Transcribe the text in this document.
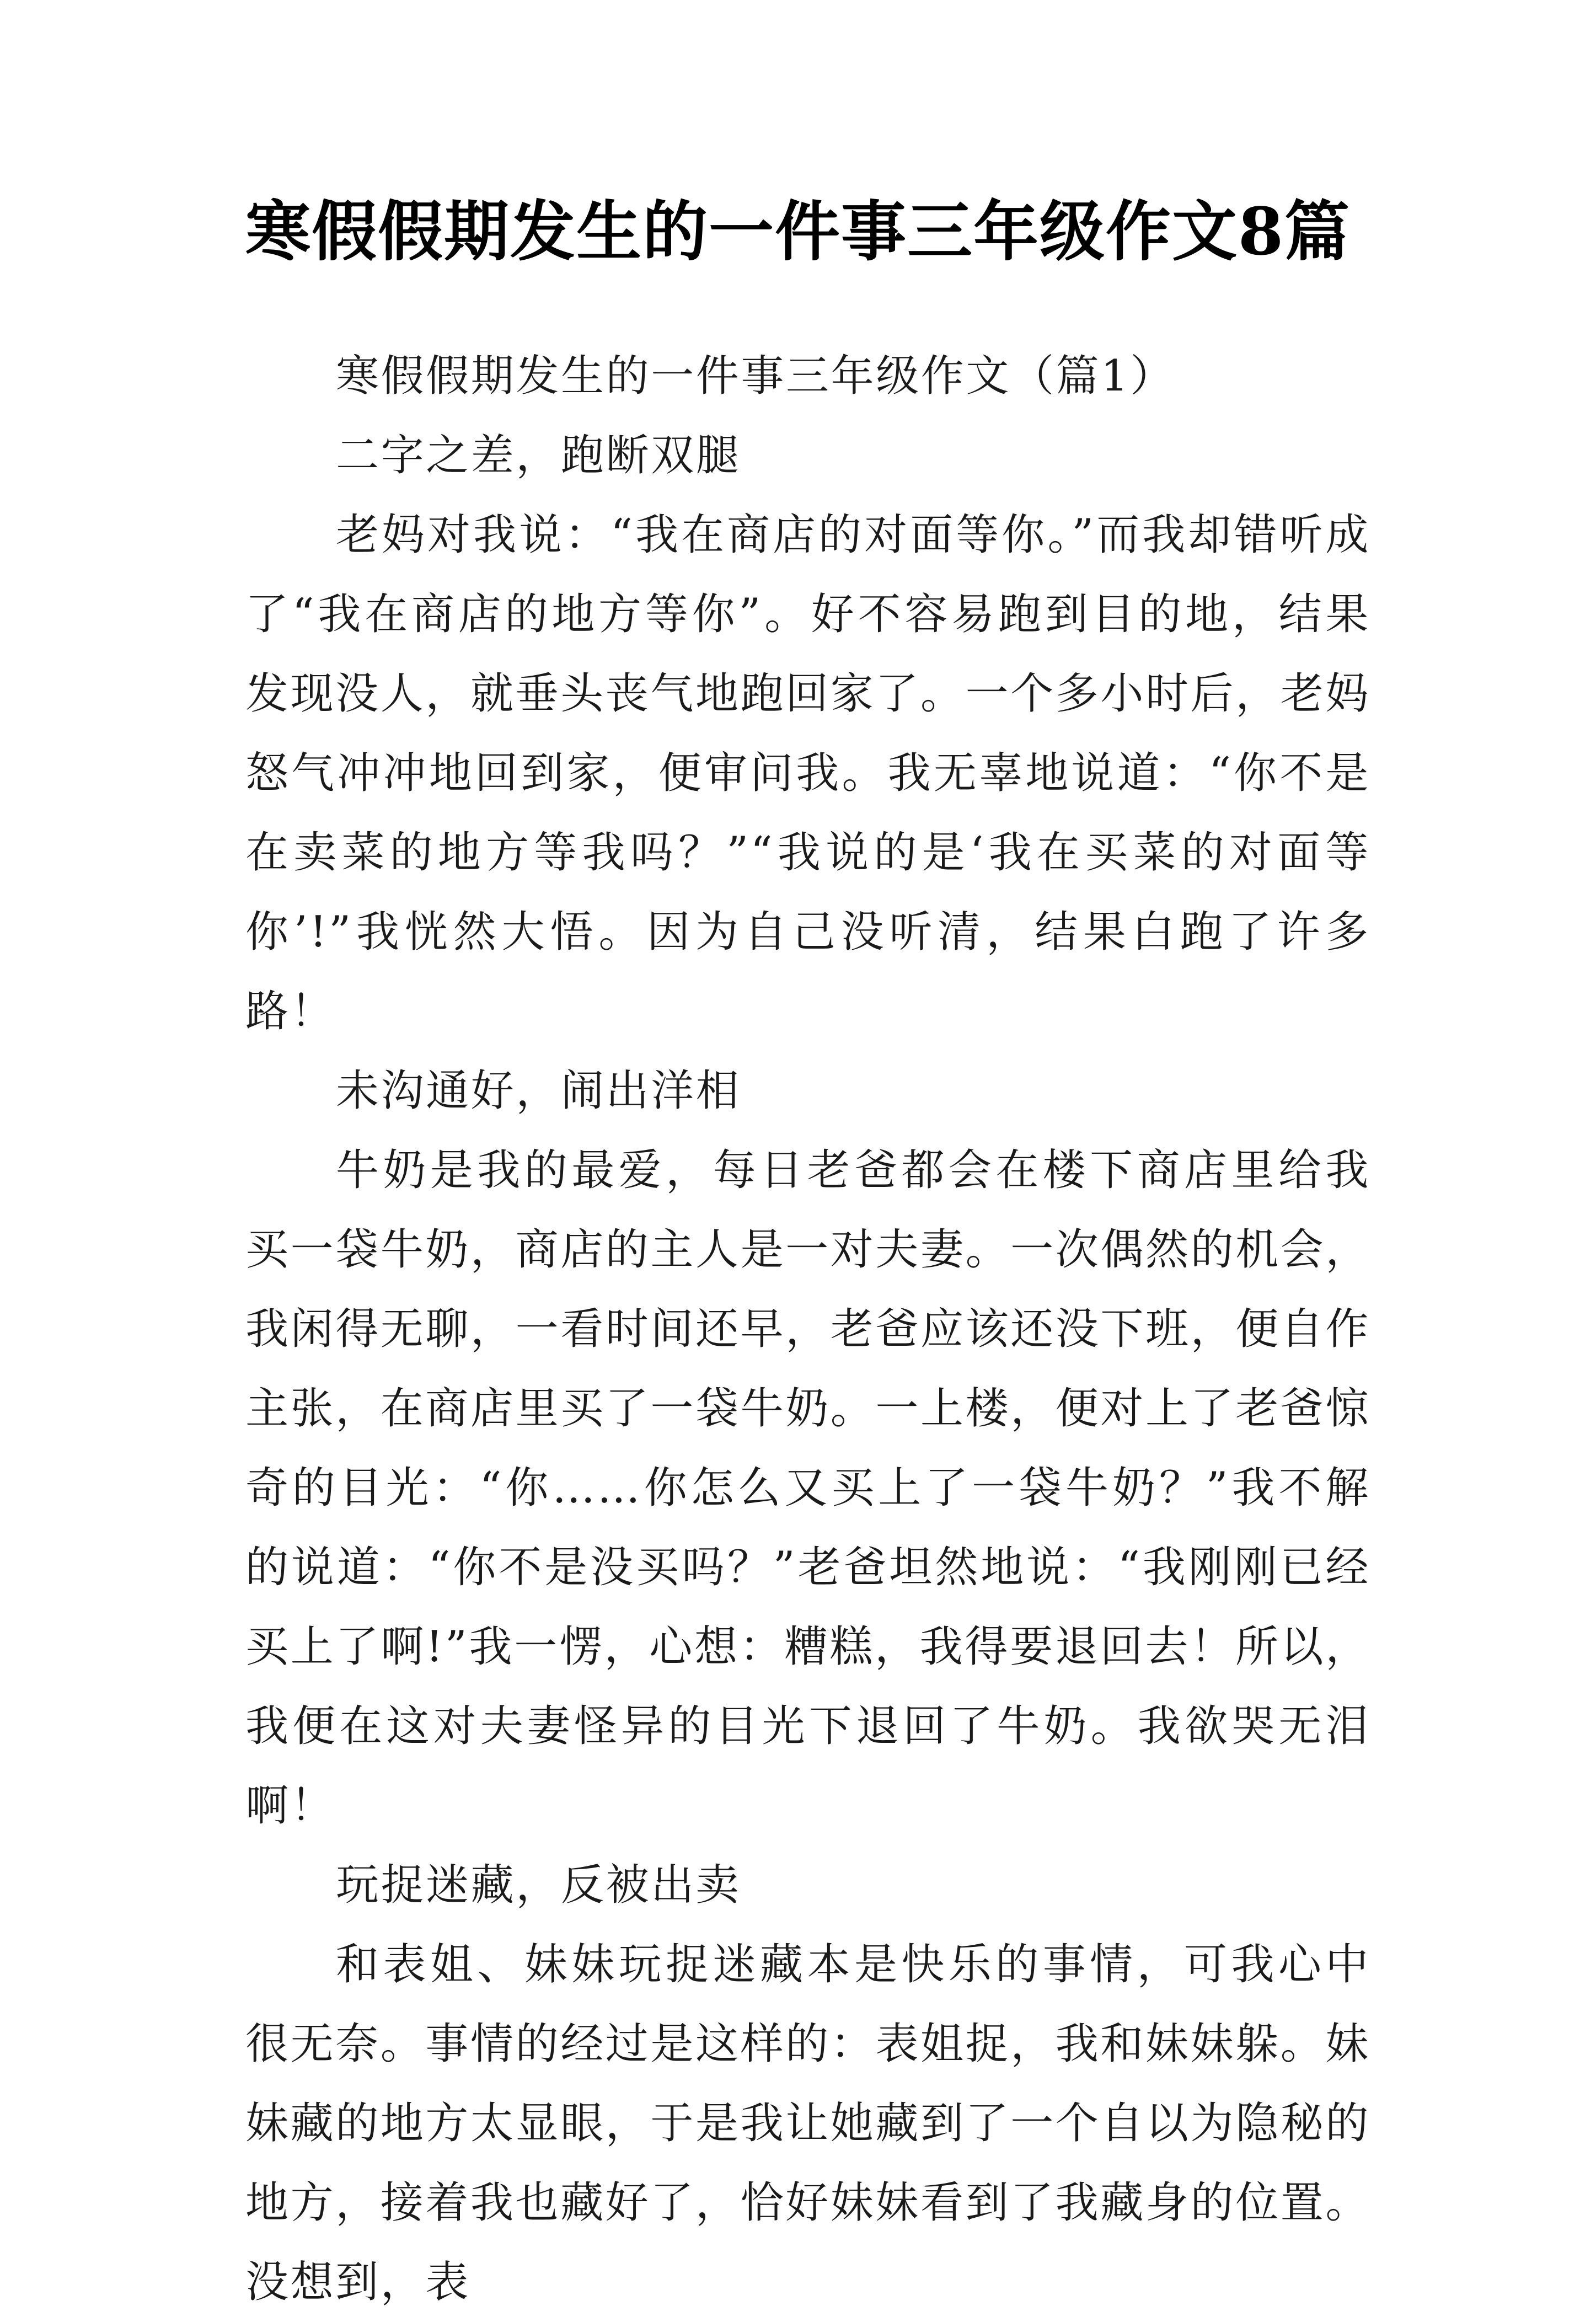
寒假假期发生的一件事三年级作文8篇

寒假假期发生的一件事三年级作文（篇1）

二字之差，跑断双腿

老妈对我说：“我在商店的对面等你。”而我却错听成了“我在商店的地方等你”。好不容易跑到目的地，结果发现没人，就垂头丧气地跑回家了。一个多小时后，老妈怒气冲冲地回到家，便审问我。我无辜地说道：“你不是在卖菜的地方等我吗？”“我说的是‘我在买菜的对面等你’!”我恍然大悟。因为自己没听清，结果白跑了许多路！

未沟通好，闹出洋相

牛奶是我的最爱，每日老爸都会在楼下商店里给我买一袋牛奶，商店的主人是一对夫妻。一次偶然的机会，我闲得无聊，一看时间还早，老爸应该还没下班，便自作主张，在商店里买了一袋牛奶。一上楼，便对上了老爸惊奇的目光：“你……你怎么又买上了一袋牛奶？”我不解的说道：“你不是没买吗？”老爸坦然地说：“我刚刚已经买上了啊!”我一愣，心想：糟糕，我得要退回去！所以，我便在这对夫妻怪异的目光下退回了牛奶。我欲哭无泪啊！

玩捉迷藏，反被出卖

和表姐、妹妹玩捉迷藏本是快乐的事情，可我心中很无奈。事情的经过是这样的：表姐捉，我和妹妹躲。妹妹藏的地方太显眼，于是我让她藏到了一个自以为隐秘的地方，接着我也藏好了，恰好妹妹看到了我藏身的位置。没想到，表
